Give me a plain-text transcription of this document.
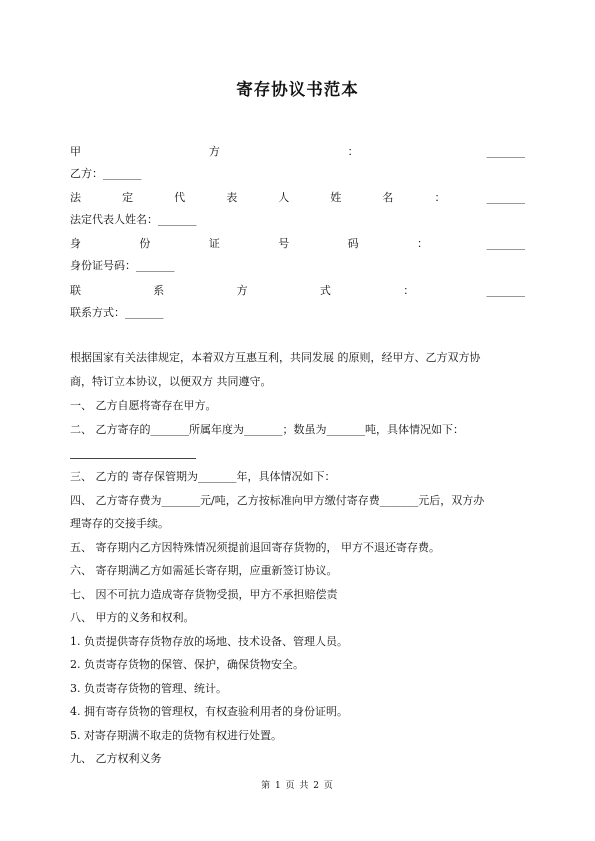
寄存协议书范本
甲	方	：	_______
乙方：_______
法	定	代	表	人	姓	名	：	_______
法定代表人姓名：_______
身	份	证	号	码	：	_______
身份证号码：_______
联	系	方	式	：	_______
联系方式：_______
根据国家有关法律规定，本着双方互惠互利，共同发展 的原则，经甲方、乙方双方协
商，特订立本协议，以便双方 共同遵守。
一、 乙方自愿将寄存在甲方。
二、 乙方寄存的_______所属年度为_______；数虽为_______吨，具体情况如下：
三、 乙方的 寄存保管期为_______年，具体情况如下：
四、 乙方寄存费为_______元/吨，乙方按标准向甲方缴付寄存费_______元后，双方办
理寄存的交接手续。
五、 寄存期内乙方因特殊情况须提前退回寄存货物的， 甲方不退还寄存费。
六、 寄存期满乙方如需延长寄存期，应重新签订协议。
七、 因不可抗力造成寄存货物受损，甲方不承担赔偿责
八、 甲方的义务和权利。
1. 负责提供寄存货物存放的场地、技术设备、管理人员。
2. 负责寄存货物的保管、保护，确保货物安全。
3. 负责寄存货物的管理、统计。
4. 拥有寄存货物的管理权，有权查验利用者的身份证明。
5. 对寄存期满不取走的货物有权进行处置。
九、 乙方权利义务
第 1 页 共 2 页
